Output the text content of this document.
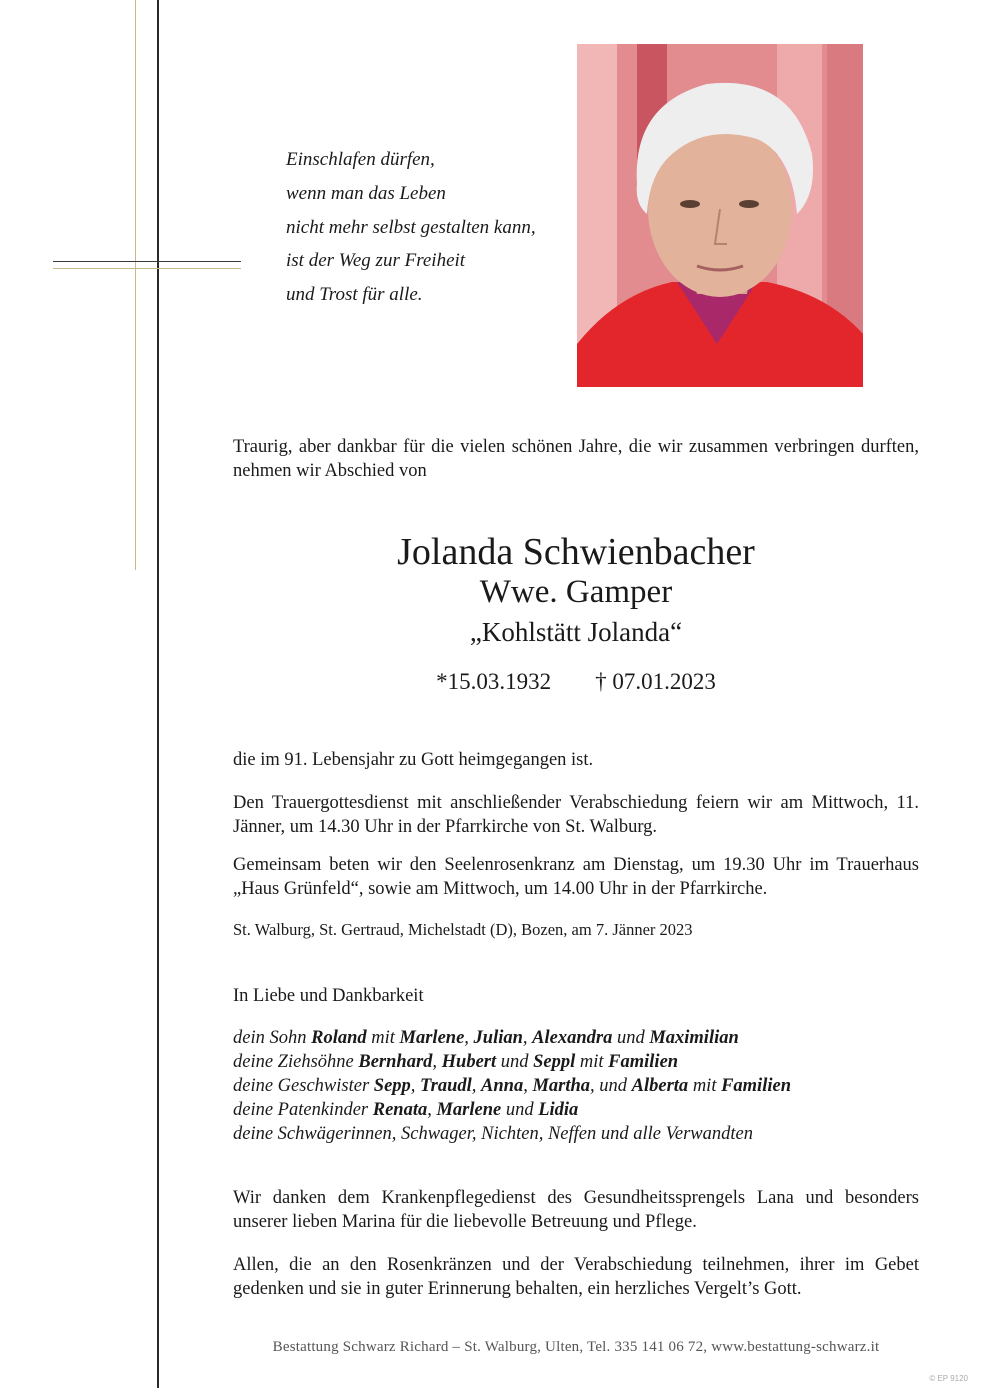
Einschlafen dürfen,
wenn man das Leben
nicht mehr selbst gestalten kann,
ist der Weg zur Freiheit
und Trost für alle.
Traurig, aber dankbar für die vielen schönen Jahre, die wir zusammen verbringen durften, nehmen wir Abschied von
Jolanda Schwienbacher
Wwe. Gamper
„Kohlstätt Jolanda“
*15.03.1932 † 07.01.2023
die im 91. Lebensjahr zu Gott heimgegangen ist.
Den Trauergottesdienst mit anschließender Verabschiedung feiern wir am Mittwoch, 11. Jänner, um 14.30 Uhr in der Pfarrkirche von St. Walburg.
Gemeinsam beten wir den Seelenrosenkranz am Dienstag, um 19.30 Uhr im Trauerhaus „Haus Grünfeld“, sowie am Mittwoch, um 14.00 Uhr in der Pfarrkirche.
St. Walburg, St. Gertraud, Michelstadt (D), Bozen, am 7. Jänner 2023
In Liebe und Dankbarkeit
dein Sohn Roland mit Marlene, Julian, Alexandra und Maximilian
deine Ziehsöhne Bernhard, Hubert und Seppl mit Familien
deine Geschwister Sepp, Traudl, Anna, Martha, und Alberta mit Familien
deine Patenkinder Renata, Marlene und Lidia
deine Schwägerinnen, Schwager, Nichten, Neffen und alle Verwandten
Wir danken dem Krankenpflegedienst des Gesundheitssprengels Lana und besonders unserer lieben Marina für die liebevolle Betreuung und Pflege.
Allen, die an den Rosenkränzen und der Verabschiedung teilnehmen, ihrer im Gebet gedenken und sie in guter Erinnerung behalten, ein herzliches Vergelt’s Gott.
Bestattung Schwarz Richard – St. Walburg, Ulten, Tel. 335 141 06 72, www.bestattung-schwarz.it
© EP 9120
